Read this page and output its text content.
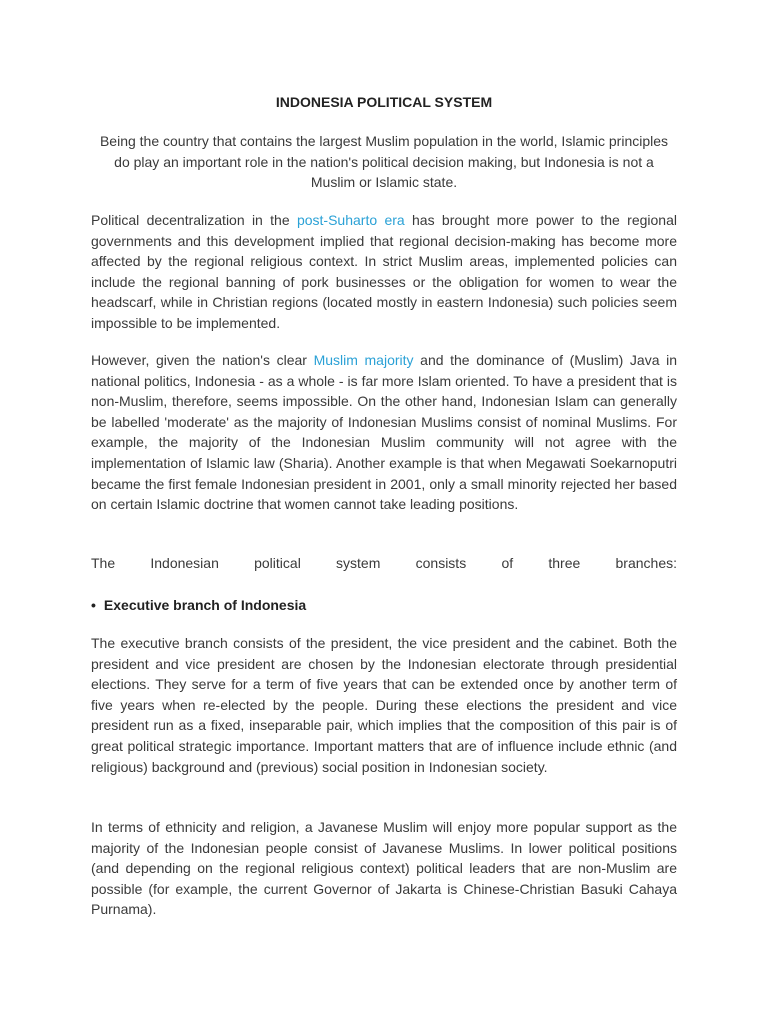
INDONESIA POLITICAL SYSTEM

Being the country that contains the largest Muslim population in the world, Islamic principles do play an important role in the nation's political decision making, but Indonesia is not a Muslim or Islamic state.

Political decentralization in the post-Suharto era has brought more power to the regional governments and this development implied that regional decision-making has become more affected by the regional religious context. In strict Muslim areas, implemented policies can include the regional banning of pork businesses or the obligation for women to wear the headscarf, while in Christian regions (located mostly in eastern Indonesia) such policies seem impossible to be implemented.

However, given the nation's clear Muslim majority and the dominance of (Muslim) Java in national politics, Indonesia - as a whole - is far more Islam oriented. To have a president that is non-Muslim, therefore, seems impossible. On the other hand, Indonesian Islam can generally be labelled 'moderate' as the majority of Indonesian Muslims consist of nominal Muslims. For example, the majority of the Indonesian Muslim community will not agree with the implementation of Islamic law (Sharia). Another example is that when Megawati Soekarnoputri became the first female Indonesian president in 2001, only a small minority rejected her based on certain Islamic doctrine that women cannot take leading positions.

The Indonesian political system consists of three branches:

• Executive branch of Indonesia

The executive branch consists of the president, the vice president and the cabinet. Both the president and vice president are chosen by the Indonesian electorate through presidential elections. They serve for a term of five years that can be extended once by another term of five years when re-elected by the people. During these elections the president and vice president run as a fixed, inseparable pair, which implies that the composition of this pair is of great political strategic importance. Important matters that are of influence include ethnic (and religious) background and (previous) social position in Indonesian society.

In terms of ethnicity and religion, a Javanese Muslim will enjoy more popular support as the majority of the Indonesian people consist of Javanese Muslims. In lower political positions (and depending on the regional religious context) political leaders that are non-Muslim are possible (for example, the current Governor of Jakarta is Chinese-Christian Basuki Cahaya Purnama).
